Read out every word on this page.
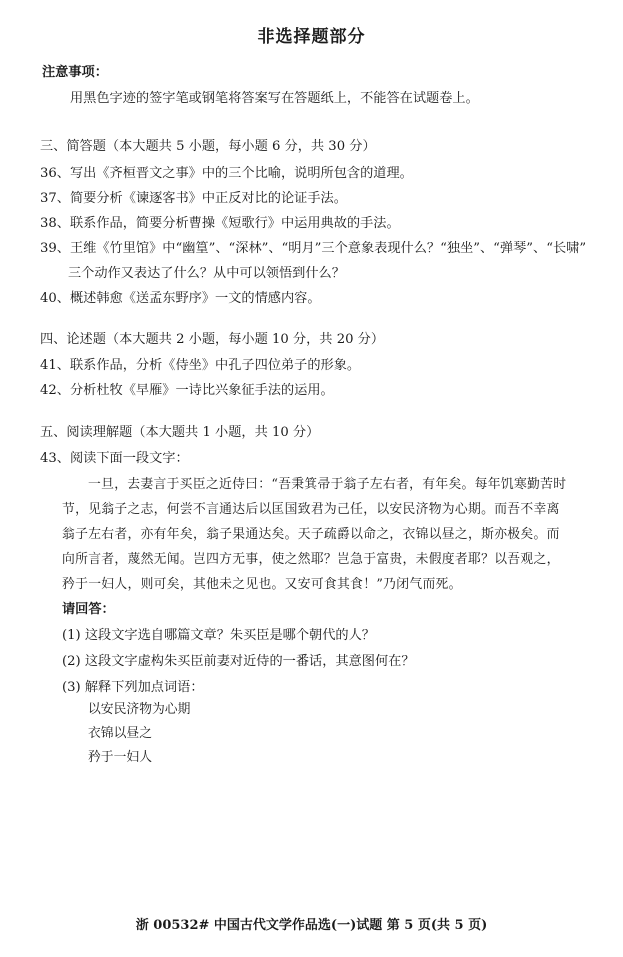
非选择题部分
注意事项：
用黑色字迹的签字笔或钢笔将答案写在答题纸上，不能答在试题卷上。
三、简答题（本大题共 5 小题，每小题 6 分，共 30 分）
36、写出《齐桓晋文之事》中的三个比喻，说明所包含的道理。
37、简要分析《谏逐客书》中正反对比的论证手法。
38、联系作品，简要分析曹操《短歌行》中运用典故的手法。
39、王维《竹里馆》中“幽篁”、“深林”、“明月”三个意象表现什么？“独坐”、“弹琴”、“长啸”
三个动作又表达了什么？从中可以领悟到什么？
40、概述韩愈《送孟东野序》一文的情感内容。
四、论述题（本大题共 2 小题，每小题 10 分，共 20 分）
41、联系作品，分析《侍坐》中孔子四位弟子的形象。
42、分析杜牧《早雁》一诗比兴象征手法的运用。
五、阅读理解题（本大题共 1 小题，共 10 分）
43、阅读下面一段文字：
一旦，去妻言于买臣之近侍曰：“吾秉箕帚于翁子左右者，有年矣。每年饥寒勤苦时
节，见翁子之志，何尝不言通达后以匡国致君为己任，以安民济物为心期。而吾不幸离
翁子左右者，亦有年矣，翁子果通达矣。天子疏爵以命之，衣锦以昼之，斯亦极矣。而
向所言者，蔑然无闻。岂四方无事，使之然耶？岂急于富贵，未假度者耶？以吾观之，
矜于一妇人，则可矣，其他未之见也。又安可食其食！”乃闭气而死。
请回答：
(1) 这段文字选自哪篇文章？朱买臣是哪个朝代的人？
(2) 这段文字虚构朱买臣前妻对近侍的一番话，其意图何在？
(3) 解释下列加点词语：
以安民济物为心期
衣锦以昼之
矜于一妇人
浙 00532# 中国古代文学作品选(一)试题 第 5 页(共 5 页)
